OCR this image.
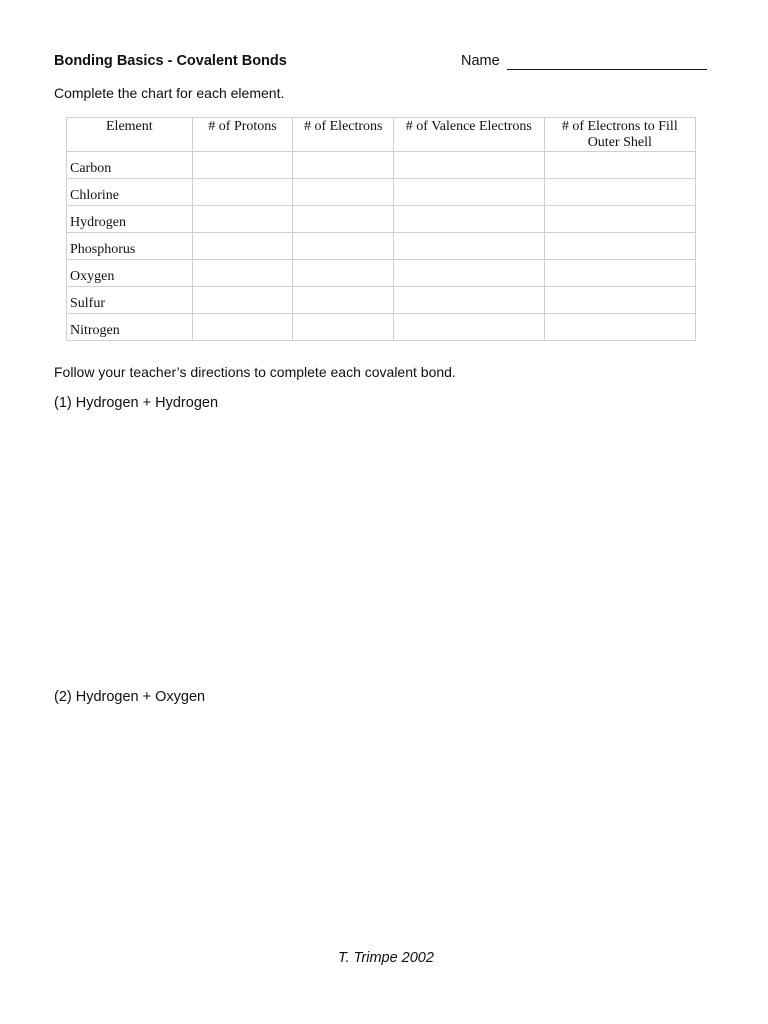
Bonding Basics - Covalent Bonds	Name
Complete the chart for each element.
Element	# of Protons	# of Electrons	# of Valence Electrons	# of Electrons to Fill Outer Shell
Carbon				
Chlorine				
Hydrogen				
Phosphorus				
Oxygen				
Sulfur				
Nitrogen				
Follow your teacher’s directions to complete each covalent bond.
(1) Hydrogen + Hydrogen
(2) Hydrogen + Oxygen
T. Trimpe 2002
